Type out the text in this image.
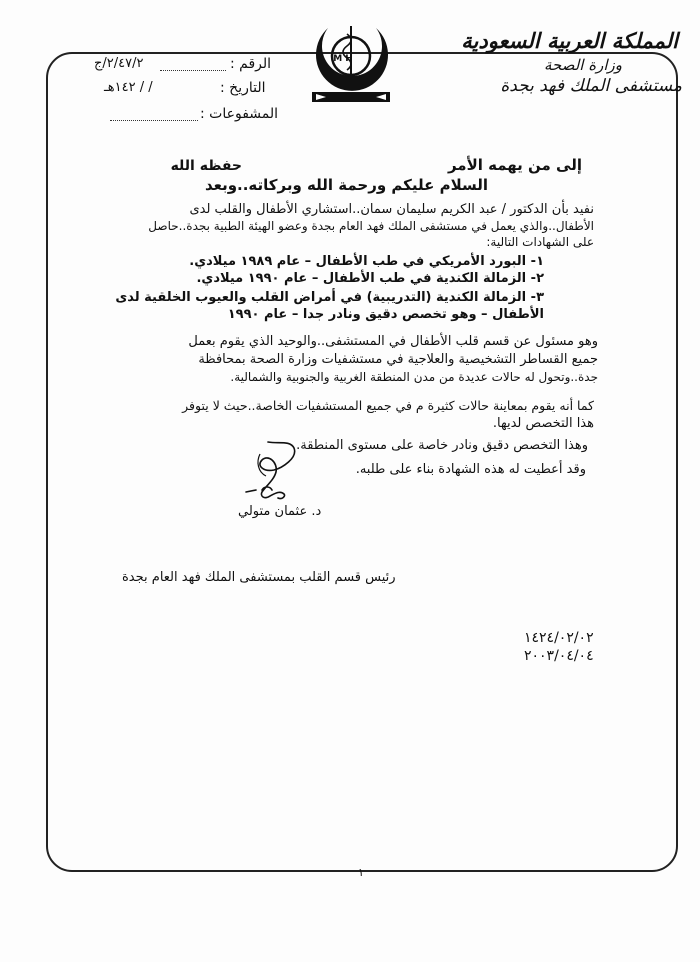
المملكة العربية السعودية
وزارة الصحة
مستشفى الملك فهد بجدة
M H
الرقم :
٢/٤٧/٢/ج
التاريخ :
/ / ١٤٢هـ
المشفوعات :
إلى من يهمه الأمر
حفظه الله
السلام عليكم ورحمة الله وبركاته..وبعد
نفيد بأن الدكتور / عبد الكريم سليمان سمان..استشاري الأطفال والقلب لدى
الأطفال..والذي يعمل في مستشفى الملك فهد العام بجدة وعضو الهيئة الطبية بجدة..حاصل
على الشهادات التالية:
١- البورد الأمريكي في طب الأطفال – عام ١٩٨٩ ميلادي.
٢- الزمالة الكندية في طب الأطفال – عام ١٩٩٠ ميلادي.
٣- الزمالة الكندية (التدريبية) في أمراض القلب والعيوب الخلقية لدى
الأطفال – وهو تخصص دقيق ونادر جدا – عام ١٩٩٠
وهو مسئول عن قسم قلب الأطفال في المستشفى..والوحيد الذي يقوم بعمل
جميع القساطر التشخيصية والعلاجية في مستشفيات وزارة الصحة بمحافظة
جدة..وتحول له حالات عديدة من مدن المنطقة الغربية والجنوبية والشمالية.
كما أنه يقوم بمعاينة حالات كثيرة م في جميع المستشفيات الخاصة..حيث لا يتوفر
هذا التخصص لديها.
وهذا التخصص دقيق ونادر خاصة على مستوى المنطقة.
وقد أعطيت له هذه الشهادة بناء على طلبه.
د. عثمان متولي
رئيس قسم القلب بمستشفى الملك فهد العام بجدة
١٤٢٤/٠٢/٠٢
٢٠٠٣/٠٤/٠٤
١
